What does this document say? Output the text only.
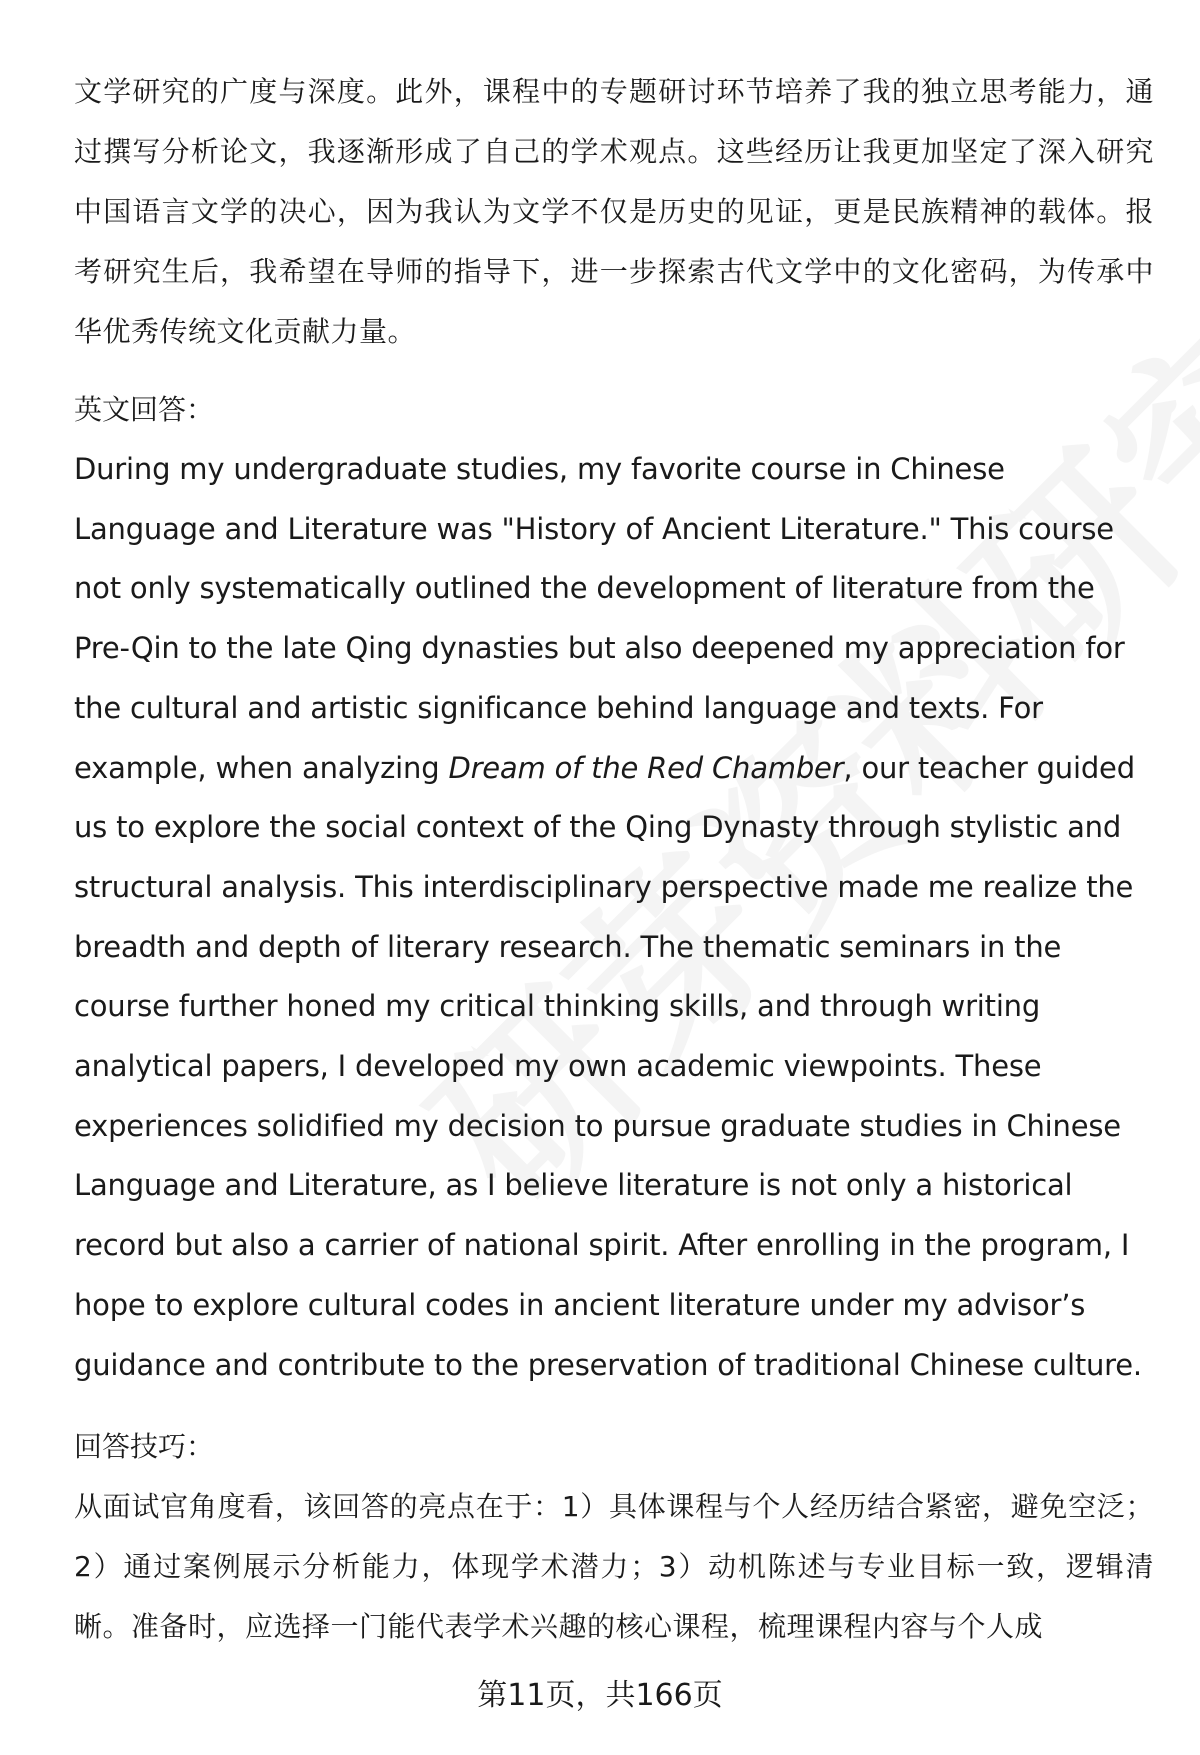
文学研究的广度与深度。此外，课程中的专题研讨环节培养了我的独立思考能力，通过撰写分析论文，我逐渐形成了自己的学术观点。这些经历让我更加坚定了深入研究中国语言文学的决心，因为我认为文学不仅是历史的见证，更是民族精神的载体。报考研究生后，我希望在导师的指导下，进一步探索古代文学中的文化密码，为传承中华优秀传统文化贡献力量。

英文回答：

During my undergraduate studies, my favorite course in Chinese Language and Literature was "History of Ancient Literature." This course not only systematically outlined the development of literature from the Pre-Qin to the late Qing dynasties but also deepened my appreciation for the cultural and artistic significance behind language and texts. For example, when analyzing Dream of the Red Chamber, our teacher guided us to explore the social context of the Qing Dynasty through stylistic and structural analysis. This interdisciplinary perspective made me realize the breadth and depth of literary research. The thematic seminars in the course further honed my critical thinking skills, and through writing analytical papers, I developed my own academic viewpoints. These experiences solidified my decision to pursue graduate studies in Chinese Language and Literature, as I believe literature is not only a historical record but also a carrier of national spirit. After enrolling in the program, I hope to explore cultural codes in ancient literature under my advisor’s guidance and contribute to the preservation of traditional Chinese culture.

回答技巧：

从面试官角度看，该回答的亮点在于：1）具体课程与个人经历结合紧密，避免空泛；2）通过案例展示分析能力，体现学术潜力；3）动机陈述与专业目标一致，逻辑清晰。准备时，应选择一门能代表学术兴趣的核心课程，梳理课程内容与个人成

第11页，共166页
